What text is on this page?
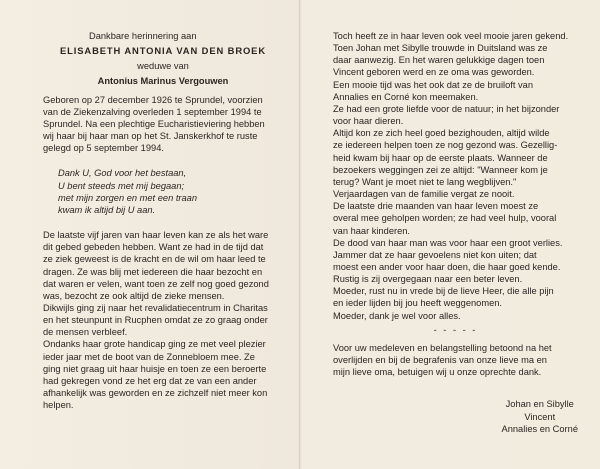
Dankbare herinnering aan
ELISABETH ANTONIA VAN DEN BROEK
weduwe van
Antonius Marinus Vergouwen
Geboren op 27 december 1926 te Sprundel, voorzien
van de Ziekenzalving overleden 1 september 1994 te
Sprundel. Na een plechtige Eucharistieviering hebben
wij haar bij haar man op het St. Janskerkhof te ruste
gelegd op 5 september 1994.
Dank U, God voor het bestaan,
U bent steeds met mij begaan;
met mijn zorgen en met een traan
kwam ik altijd bij U aan.
De laatste vijf jaren van haar leven kan ze als het ware
dit gebed gebeden hebben. Want ze had in de tijd dat
ze ziek geweest is de kracht en de wil om haar leed te
dragen. Ze was blij met iedereen die haar bezocht en
dat waren er velen, want toen ze zelf nog goed gezond
was, bezocht ze ook altijd de zieke mensen.
Dikwijls ging zij naar het revalidatiecentrum in Charitas
en het steunpunt in Rucphen omdat ze zo graag onder
de mensen verbleef.
Ondanks haar grote handicap ging ze met veel plezier
ieder jaar met de boot van de Zonnebloem mee. Ze
ging niet graag uit haar huisje en toen ze een beroerte
had gekregen vond ze het erg dat ze van een ander
afhankelijk was geworden en ze zichzelf niet meer kon
helpen.
Toch heeft ze in haar leven ook veel mooie jaren gekend.
Toen Johan met Sibylle trouwde in Duitsland was ze
daar aanwezig. En het waren gelukkige dagen toen
Vincent geboren werd en ze oma was geworden.
Een mooie tijd was het ook dat ze de bruiloft van
Annalies en Corné kon meemaken.
Ze had een grote liefde voor de natuur; in het bijzonder
voor haar dieren.
Altijd kon ze zich heel goed bezighouden, altijd wilde
ze iedereen helpen toen ze nog gezond was. Gezellig-
heid kwam bij haar op de eerste plaats. Wanneer de
bezoekers weggingen zei ze altijd: "Wanneer kom je
terug? Want je moet niet te lang wegblijven."
Verjaardagen van de familie vergat ze nooit.
De laatste drie maanden van haar leven moest ze
overal mee geholpen worden; ze had veel hulp, vooral
van haar kinderen.
De dood van haar man was voor haar een groot verlies.
Jammer dat ze haar gevoelens niet kon uiten; dat
moest een ander voor haar doen, die haar goed kende.
Rustig is zij overgegaan naar een beter leven.
Moeder, rust nu in vrede bij de lieve Heer, die alle pijn
en ieder lijden bij jou heeft weggenomen.
Moeder, dank je wel voor alles.
- - - - -
Voor uw medeleven en belangstelling betoond na het
overlijden en bij de begrafenis van onze lieve ma en
mijn lieve oma, betuigen wij u onze oprechte dank.
Johan en Sibylle
Vincent
Annalies en Corné
